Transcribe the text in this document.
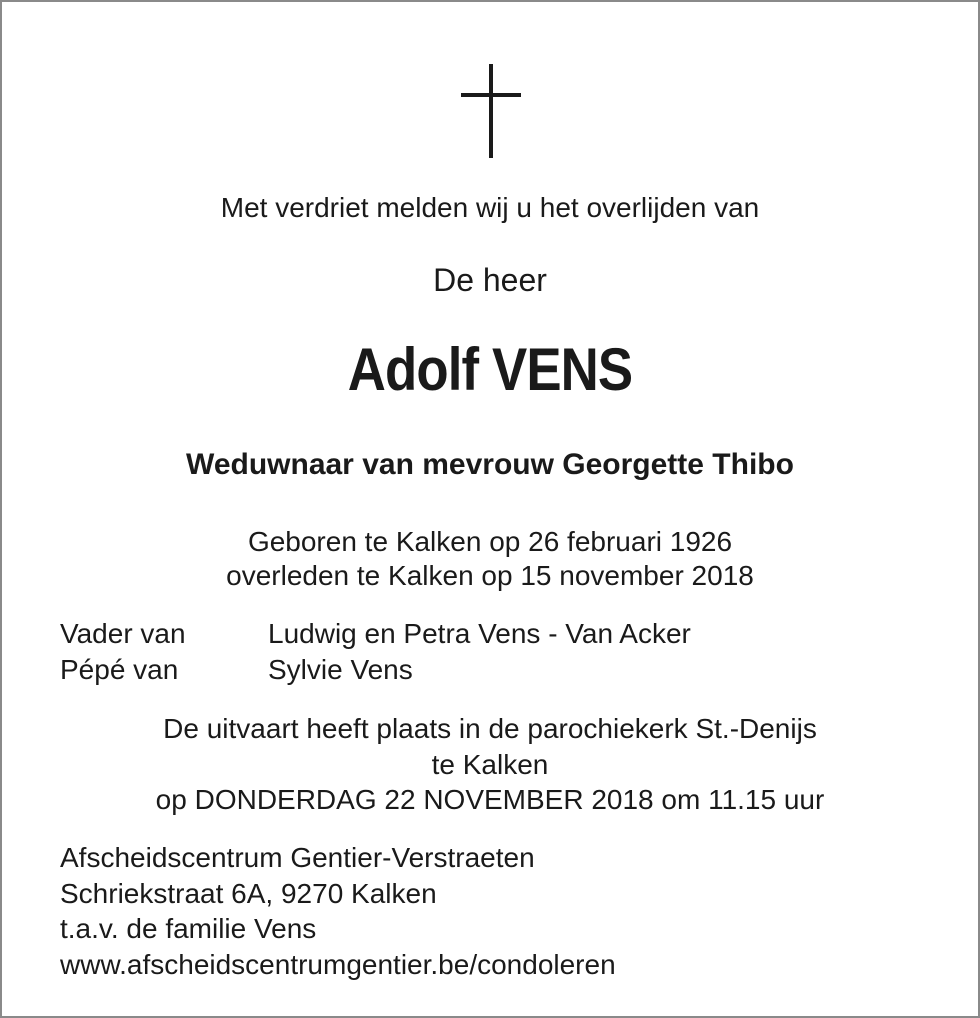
Met verdriet melden wij u het overlijden van
De heer
Adolf VENS
Weduwnaar van mevrouw Georgette Thibo
Geboren te Kalken op 26 februari 1926
overleden te Kalken op 15 november 2018
Vader van	Ludwig en Petra Vens - Van Acker
Pépé van	Sylvie Vens
De uitvaart heeft plaats in de parochiekerk St.-Denijs
te Kalken
op DONDERDAG 22 NOVEMBER 2018 om 11.15 uur
Afscheidscentrum Gentier-Verstraeten
Schriekstraat 6A, 9270 Kalken
t.a.v. de familie Vens
www.afscheidscentrumgentier.be/condoleren
